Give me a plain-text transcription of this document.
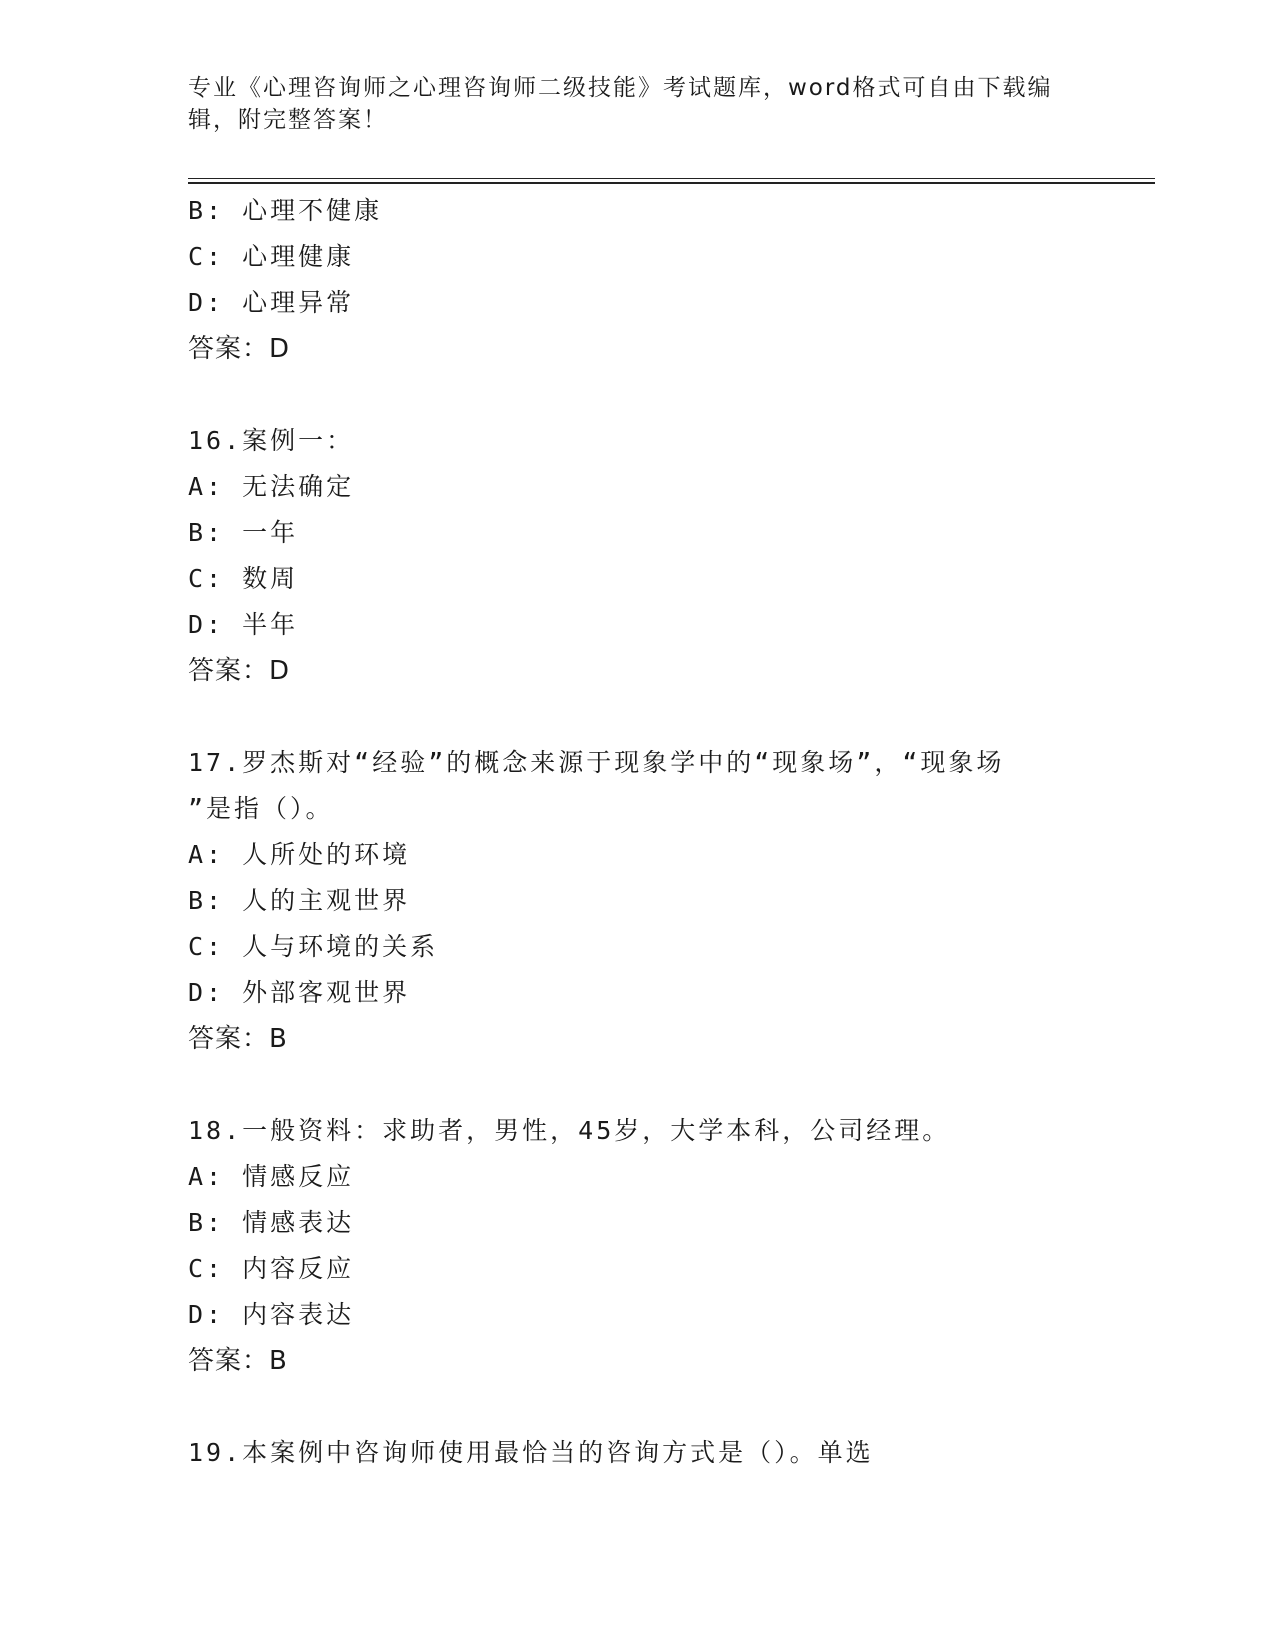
专业《心理咨询师之心理咨询师二级技能》考试题库，word格式可自由下载编辑，附完整答案！
B: 心理不健康
C: 心理健康
D: 心理异常
答案：D
16.案例一：
A: 无法确定
B: 一年
C: 数周
D: 半年
答案：D
17.罗杰斯对“经验”的概念来源于现象学中的“现象场”，“现象场
”是指（）。
A: 人所处的环境
B: 人的主观世界
C: 人与环境的关系
D: 外部客观世界
答案：B
18.一般资料：求助者，男性，45岁，大学本科，公司经理。
A: 情感反应
B: 情感表达
C: 内容反应
D: 内容表达
答案：B
19.本案例中咨询师使用最恰当的咨询方式是（）。单选
